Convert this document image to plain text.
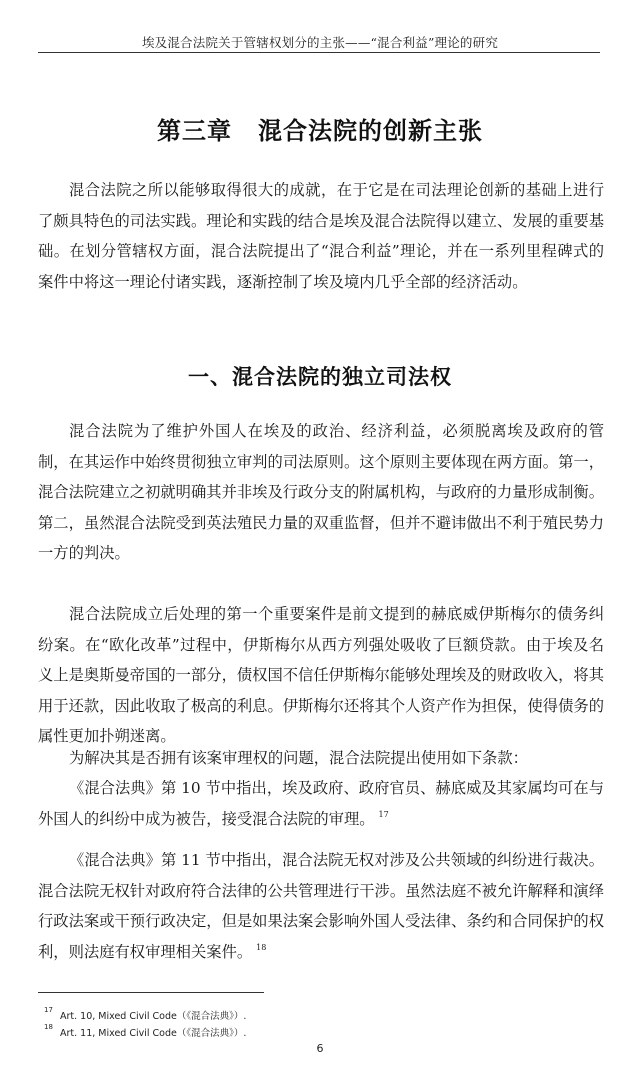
埃及混合法院关于管辖权划分的主张——“混合利益”理论的研究
第三章 混合法院的创新主张

混合法院之所以能够取得很大的成就，在于它是在司法理论创新的基础上进行了颇具特色的司法实践。理论和实践的结合是埃及混合法院得以建立、发展的重要基础。在划分管辖权方面，混合法院提出了“混合利益”理论，并在一系列里程碑式的案件中将这一理论付诸实践，逐渐控制了埃及境内几乎全部的经济活动。

一、混合法院的独立司法权

混合法院为了维护外国人在埃及的政治、经济利益，必须脱离埃及政府的管制，在其运作中始终贯彻独立审判的司法原则。这个原则主要体现在两方面。第一，混合法院建立之初就明确其并非埃及行政分支的附属机构，与政府的力量形成制衡。第二，虽然混合法院受到英法殖民力量的双重监督，但并不避讳做出不利于殖民势力一方的判决。

混合法院成立后处理的第一个重要案件是前文提到的赫底威伊斯梅尔的债务纠纷案。在“欧化改革”过程中，伊斯梅尔从西方列强处吸收了巨额贷款。由于埃及名义上是奥斯曼帝国的一部分，债权国不信任伊斯梅尔能够处理埃及的财政收入，将其用于还款，因此收取了极高的利息。伊斯梅尔还将其个人资产作为担保，使得债务的属性更加扑朔迷离。

为解决其是否拥有该案审理权的问题，混合法院提出使用如下条款：

《混合法典》第 10 节中指出，埃及政府、政府官员、赫底威及其家属均可在与外国人的纠纷中成为被告，接受混合法院的审理。 $^{17}$

《混合法典》第 11 节中指出，混合法院无权对涉及公共领域的纠纷进行裁决。混合法院无权针对政府符合法律的公共管理进行干涉。虽然法庭不被允许解释和演绎行政法案或干预行政决定，但是如果法案会影响外国人受法律、条约和合同保护的权利，则法庭有权审理相关案件。 $^{18}$

17
Art. 10, Mixed Civil Code（《混合法典》）.
18
Art. 11, Mixed Civil Code（《混合法典》）.
6
